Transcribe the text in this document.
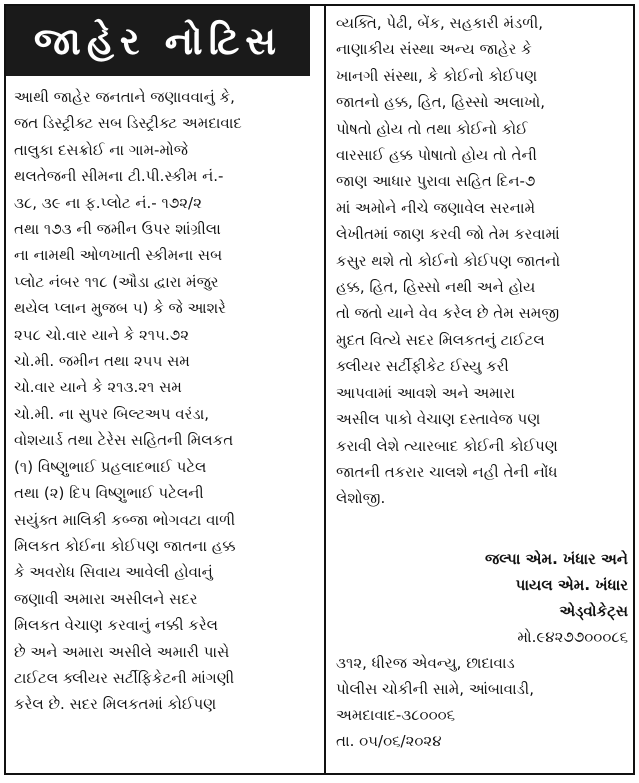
જાહેર નોટિસ
આથી જાહેર જનતાને જણાવવાનું કે,
જત ડિસ્ટ્રીક્ટ સબ ડિસ્ટ્રીક્ટ અમદાવાદ
તાલુકા દસક્રોઈ ના ગામ-મોજે
થલતેજની સીમના ટી.પી.સ્કીમ નં.-
૩૮, ૩૯ ના ફ.પ્લોટ નં.- ૧૭૨/૨
તથા ૧૭૩ ની જમીન ઉપર શાંગ્રીલા
ના નામથી ઓળખાતી સ્કીમના સબ
પ્લોટ નંબર ૧૧૮ (ઔડા દ્વારા મંજુર
થયેલ પ્લાન મુજબ ૫) કે જે આશરે
૨૫૮ ચો.વાર યાને કે ૨૧૫.૭૨
ચો.મી. જમીન તથા ૨૫૫ સમ
ચો.વાર યાને કે ૨૧૩.૨૧ સમ
ચો.મી. ના સુપર બિલ્ટઅપ વરંડા,
વોશયાર્ડ તથા ટેરેસ સહિતની મિલકત
(૧) વિષ્ણુભાઈ પ્રહલાદભાઈ પટેલ
તથા (૨) દિપ વિષ્ણુભાઈ પટેલની
સયુંક્ત માલિકી કબ્જા ભોગવટા વાળી
મિલકત કોઈના કોઈપણ જાતના હક્ક
કે અવરોધ સિવાય આવેલી હોવાનું
જણાવી અમારા અસીલને સદર
મિલકત વેચાણ કરવાનું નક્કી કરેલ
છે અને અમારા અસીલે અમારી પાસે
ટાઈટલ ક્લીયર સર્ટીફિકેટની માંગણી
કરેલ છે. સદર મિલકતમાં કોઈપણ
વ્યક્તિ, પેઢી, બેંક, સહકારી મંડળી,
નાણાકીય સંસ્થા અન્ય જાહેર કે
ખાનગી સંસ્થા, કે કોઈનો કોઈપણ
જાતનો હક્ક, હિત, હિસ્સો અલાખો,
પોષતો હોય તો તથા કોઈનો કોઈ
વારસાઈ હક્ક પોષાતો હોય તો તેની
જાણ આધાર પુરાવા સહિત દિન-૭
માં અમોને નીચે જણાવેલ સરનામે
લેખીતમાં જાણ કરવી જો તેમ કરવામાં
કસુર થશે તો કોઈનો કોઈપણ જાતનો
હક્ક, હિત, હિસ્સો નથી અને હોય
તો જતો યાને વેવ કરેલ છે તેમ સમજી
મુદત વિત્યે સદર મિલકતનું ટાઈટલ
ક્લીયર સર્ટીફીકેટ ઈસ્યુ કરી
આપવામાં આવશે અને અમારા
અસીલ પાકો વેચાણ દસ્તાવેજ પણ
કરાવી લેશે ત્યારબાદ કોઈની કોઈપણ
જાતની તકરાર ચાલશે નહી તેની નોંધ
લેશોજી.
જલ્પા એમ. ખંધાર અને
પાયલ એમ. ખંધાર
એડ્વોકેટ્સ
મો.૯૪૨૭૭૦૦૦૮૬
૩૧૨, ધીરજ એવન્યુ, છાદાવાડ
પોલીસ ચોકીની સામે, આંબાવાડી,
અમદાવાદ-૩૮૦૦૦૬
તા. ૦૫/૦૬/૨૦૨૪
